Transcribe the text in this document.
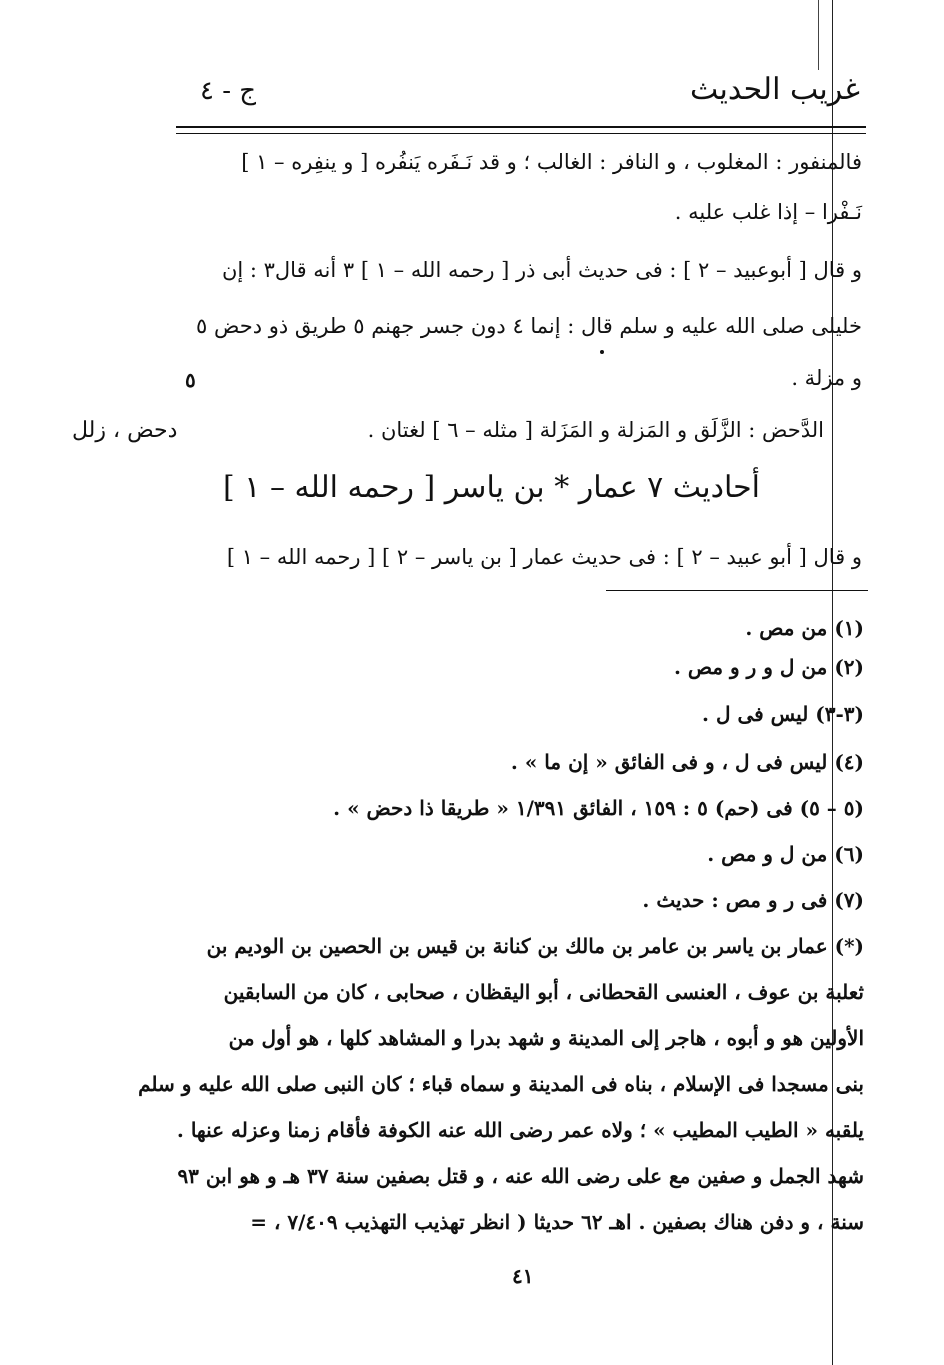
غريب الحديث
ج - ٤
فالمنفور : المغلوب ، و النافر : الغالب ؛ و قد نَـفَره يَنفُره [ و ينفِره – ١ ]
نَـفْرا – إذا غلب عليه .
و قال [ أبوعبيد – ٢ ] : فى حديث أبى ذر [ رحمه الله – ١ ] ٣ أنه قال٣ : إن
خليلى صلى الله عليه و سلم قال : إنما ٤ دون جسر جهنم ٥ طريق ذو دحض ٥
و مزلة .
٥
الدَّحض : الزَّلَق و المَزلة و المَزَلة [ مثله – ٦ ] لغتان .
دحض ، زلل
أحاديث ٧ عمار * بن ياسر [ رحمه الله – ١ ]
و قال [ أبو عبيد – ٢ ] : فى حديث عمار [ بن ياسر – ٢ ] [ رحمه الله – ١ ]
(١) من مص .
(٢) من ل و ر و مص .
(٣-٣) ليس فى ل .
(٤) ليس فى ل ، و فى الفائق « إن ما » .
(٥ – ٥) فى (حم) ٥ : ١٥٩ ، الفائق ١/٣٩١ « طريقا ذا دحض » .
(٦) من ل و مص .
(٧) فى ر و مص : حديث .
(*) عمار بن ياسر بن عامر بن مالك بن كنانة بن قيس بن الحصين بن الوديم بن
ثعلبة بن عوف ، العنسى القحطانى ، أبو اليقظان ، صحابى ، كان من السابقين
الأولين هو و أبوه ، هاجر إلى المدينة و شهد بدرا و المشاهد كلها ، هو أول من
بنى مسجدا فى الإسلام ، بناه فى المدينة و سماه قباء ؛ كان النبى صلى الله عليه و سلم
يلقبه « الطيب المطيب » ؛ ولاه عمر رضى الله عنه الكوفة فأقام زمنا وعزله عنها .
شهد الجمل و صفين مع على رضى الله عنه ، و قتل بصفين سنة ٣٧ هـ و هو ابن ٩٣
سنة ، و دفن هناك بصفين . اهـ ٦٢ حديثا ( انظر تهذيب التهذيب ٧/٤٠٩ ، =
٤١
